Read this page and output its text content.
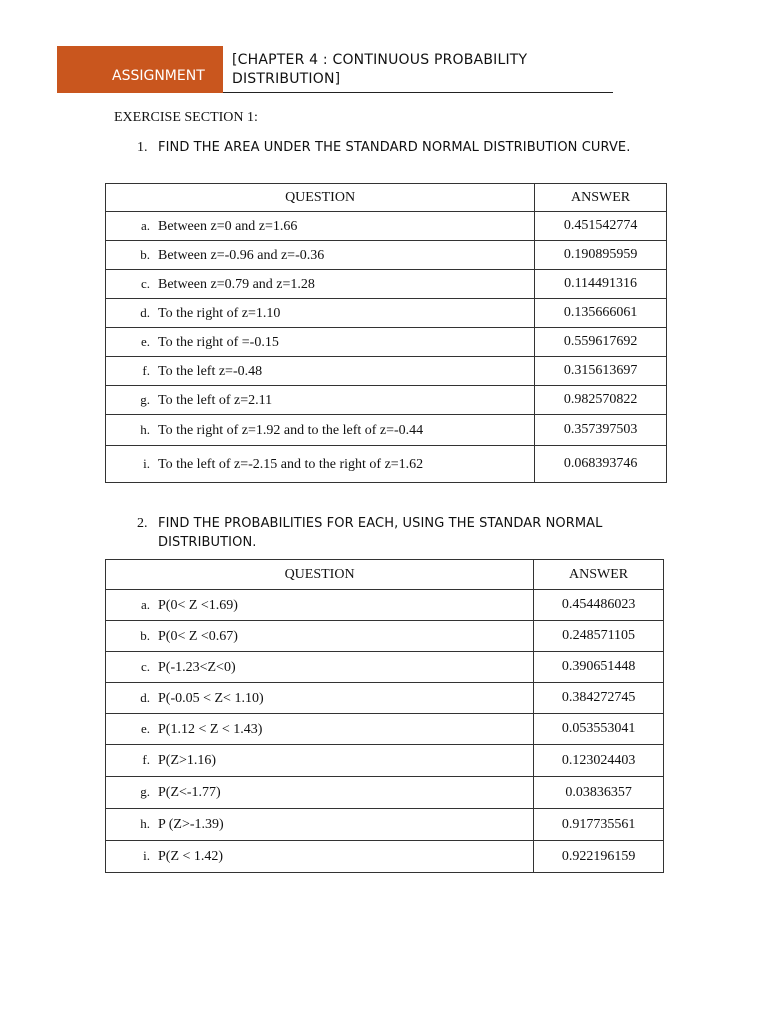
ASSIGNMENT
[CHAPTER 4 : CONTINUOUS PROBABILITY DISTRIBUTION]
EXERCISE SECTION 1:
1. FIND THE AREA UNDER THE STANDARD NORMAL DISTRIBUTION CURVE.
QUESTION	ANSWER
a. Between z=0 and z=1.66	0.451542774
b. Between z=-0.96 and z=-0.36	0.190895959
c. Between z=0.79 and z=1.28	0.114491316
d. To the right of z=1.10	0.135666061
e. To the right of =-0.15	0.559617692
f. To the left z=-0.48	0.315613697
g. To the left of z=2.11	0.982570822
h. To the right of z=1.92 and to the left of z=-0.44	0.357397503
i. To the left of z=-2.15 and to the right of z=1.62	0.068393746
2. FIND THE PROBABILITIES FOR EACH, USING THE STANDAR NORMAL DISTRIBUTION.
QUESTION	ANSWER
a. P(0< Z <1.69)	0.454486023
b. P(0< Z <0.67)	0.248571105
c. P(-1.23<Z<0)	0.390651448
d. P(-0.05 < Z< 1.10)	0.384272745
e. P(1.12 < Z < 1.43)	0.053553041
f. P(Z>1.16)	0.123024403
g. P(Z<-1.77)	0.03836357
h. P (Z>-1.39)	0.917735561
i. P(Z < 1.42)	0.922196159
